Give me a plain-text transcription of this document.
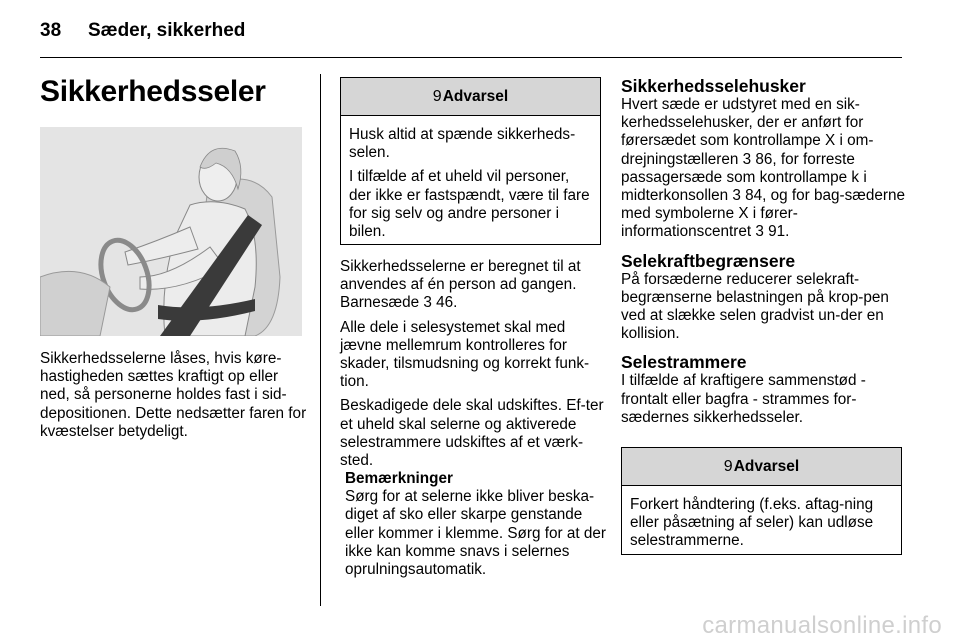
38 Sæder, sikkerhed
Sikkerhedsseler
Sikkerhedsselerne låses, hvis køre-hastigheden sættes kraftigt op eller ned, så personerne holdes fast i sid-depositionen. Dette nedsætter faren for kvæstelser betydeligt.
9 Advarsel

Husk altid at spænde sikkerheds-selen.

I tilfælde af et uheld vil personer, der ikke er fastspændt, være til fare for sig selv og andre personer i bilen.

Sikkerhedsselerne er beregnet til at anvendes af én person ad gangen. Barnesæde 3 46.

Alle dele i selesystemet skal med jævne mellemrum kontrolleres for skader, tilsmudsning og korrekt funk-tion.

Beskadigede dele skal udskiftes. Ef-ter et uheld skal selerne og aktiverede selestrammere udskiftes af et værk-sted.

Bemærkninger
Sørg for at selerne ikke bliver beska-diget af sko eller skarpe genstande eller kommer i klemme. Sørg for at der ikke kan komme snavs i selernes oprulningsautomatik.

Sikkerhedsselehusker

Hvert sæde er udstyret med en sik-kerhedsselehusker, der er anført for førersædet som kontrollampe X i om-drejningstælleren 3 86, for forreste passagersæde som kontrollampe k i midterkonsollen 3 84, og for bag-sæderne med symbolerne X i fører-informationscentret 3 91.

Selekraftbegrænsere

På forsæderne reducerer selekraft-begrænserne belastningen på krop-pen ved at slække selen gradvist un-der en kollision.

Selestrammere

I tilfælde af kraftigere sammenstød - frontalt eller bagfra - strammes for-sædernes sikkerhedsseler.

9 Advarsel

Forkert håndtering (f.eks. aftag-ning eller påsætning af seler) kan udløse selestrammerne.

carmanualsonline.info
